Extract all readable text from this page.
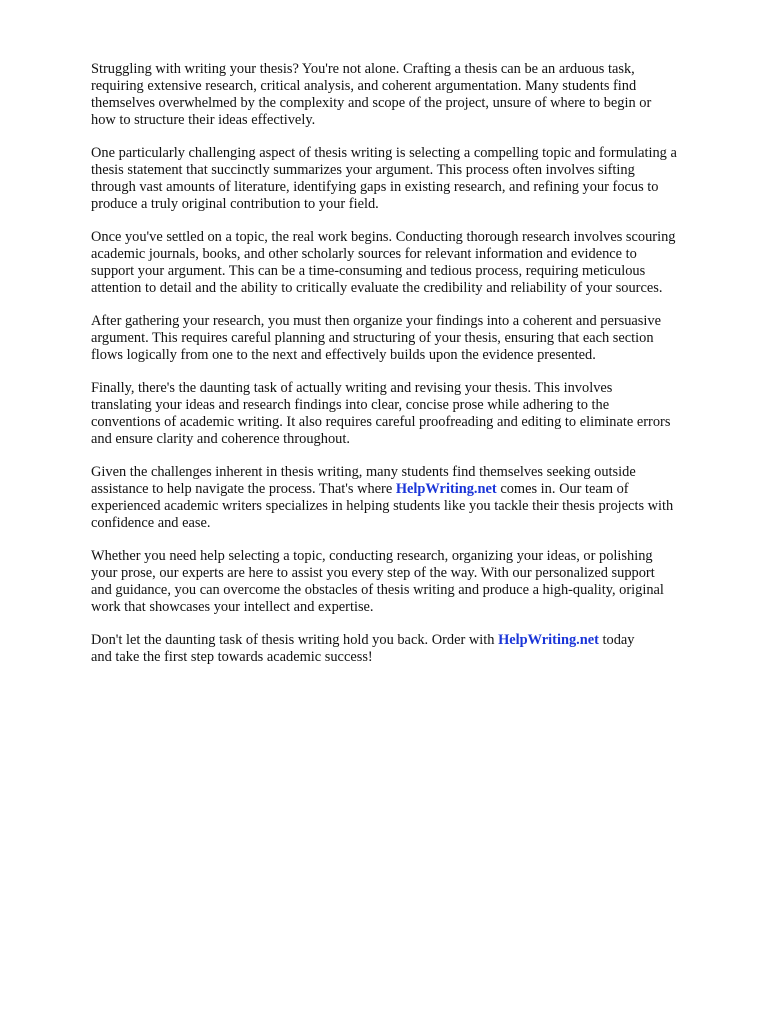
Struggling with writing your thesis? You're not alone. Crafting a thesis can be an arduous task,
requiring extensive research, critical analysis, and coherent argumentation. Many students find
themselves overwhelmed by the complexity and scope of the project, unsure of where to begin or
how to structure their ideas effectively.

One particularly challenging aspect of thesis writing is selecting a compelling topic and formulating a
thesis statement that succinctly summarizes your argument. This process often involves sifting
through vast amounts of literature, identifying gaps in existing research, and refining your focus to
produce a truly original contribution to your field.

Once you've settled on a topic, the real work begins. Conducting thorough research involves scouring
academic journals, books, and other scholarly sources for relevant information and evidence to
support your argument. This can be a time-consuming and tedious process, requiring meticulous
attention to detail and the ability to critically evaluate the credibility and reliability of your sources.

After gathering your research, you must then organize your findings into a coherent and persuasive
argument. This requires careful planning and structuring of your thesis, ensuring that each section
flows logically from one to the next and effectively builds upon the evidence presented.

Finally, there's the daunting task of actually writing and revising your thesis. This involves
translating your ideas and research findings into clear, concise prose while adhering to the
conventions of academic writing. It also requires careful proofreading and editing to eliminate errors
and ensure clarity and coherence throughout.

Given the challenges inherent in thesis writing, many students find themselves seeking outside
assistance to help navigate the process. That's where HelpWriting.net comes in. Our team of
experienced academic writers specializes in helping students like you tackle their thesis projects with
confidence and ease.

Whether you need help selecting a topic, conducting research, organizing your ideas, or polishing
your prose, our experts are here to assist you every step of the way. With our personalized support
and guidance, you can overcome the obstacles of thesis writing and produce a high-quality, original
work that showcases your intellect and expertise.

Don't let the daunting task of thesis writing hold you back. Order with HelpWriting.net today
and take the first step towards academic success!
